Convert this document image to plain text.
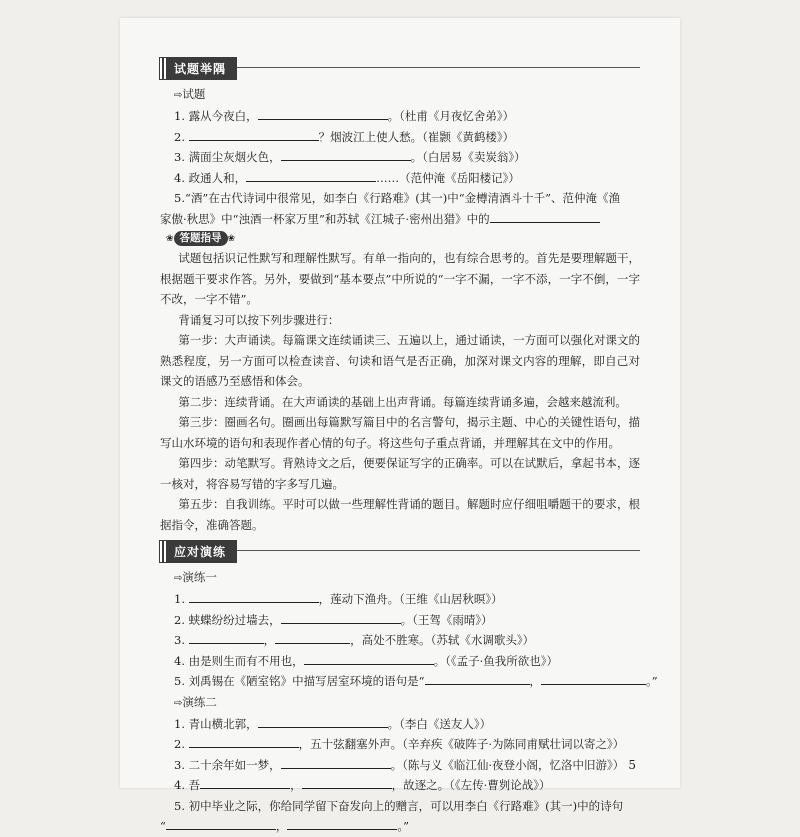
试题举隅
⇨试题
1. 露从今夜白，	。（杜甫《月夜忆舍弟》）
2.	？烟波江上使人愁。（崔颢《黄鹤楼》）
3. 满面尘灰烟火色，	。（白居易《卖炭翁》）
4. 政通人和，	……（范仲淹《岳阳楼记》）
5.“酒”在古代诗词中很常见，如李白《行路难》(其一)中“金樽清酒斗十千”、范仲淹《渔
家傲·秋思》中“浊酒一杯家万里”和苏轼《江城子·密州出猎》中的
❀ 答题指导 ❀
试题包括识记性默写和理解性默写。有单一指向的，也有综合思考的。首先是要理解题干，根据题干要求作答。另外，要做到“基本要点”中所说的“一字不漏，一字不添，一字不倒，一字不改，一字不错”。
背诵复习可以按下列步骤进行：
第一步：大声诵读。每篇课文连续诵读三、五遍以上，通过诵读，一方面可以强化对课文的熟悉程度，另一方面可以检查读音、句读和语气是否正确，加深对课文内容的理解，即自己对课文的语感乃至感悟和体会。
第二步：连续背诵。在大声诵读的基础上出声背诵。每篇连续背诵多遍，会越来越流利。
第三步：圈画名句。圈画出每篇默写篇目中的名言警句，揭示主题、中心的关键性语句，描写山水环境的语句和表现作者心情的句子。将这些句子重点背诵，并理解其在文中的作用。
第四步：动笔默写。背熟诗文之后，便要保证写字的正确率。可以在试默后，拿起书本，逐一核对，将容易写错的字多写几遍。
第五步：自我训练。平时可以做一些理解性背诵的题目。解题时应仔细咀嚼题干的要求，根据指令，准确答题。
应对演练
⇨演练一
1.	，莲动下渔舟。（王维《山居秋暝》）
2. 蛱蝶纷纷过墙去，	。（王驾《雨晴》）
3.	，	，高处不胜寒。（苏轼《水调歌头》）
4. 由是则生而有不用也，	。（《孟子·鱼我所欲也》）
5. 刘禹锡在《陋室铭》中描写居室环境的语句是“	，	。”
⇨演练二
1. 青山横北郭，	。（李白《送友人》）
2.	，五十弦翻塞外声。（辛弃疾《破阵子·为陈同甫赋壮词以寄之》）
3. 二十余年如一梦，	。（陈与义《临江仙·夜登小阁，忆洛中旧游》）
4. 吾	，	，故逐之。（《左传·曹刿论战》）
5. 初中毕业之际，你给同学留下奋发向上的赠言，可以用李白《行路难》(其一)中的诗句
“	，	。”
5
